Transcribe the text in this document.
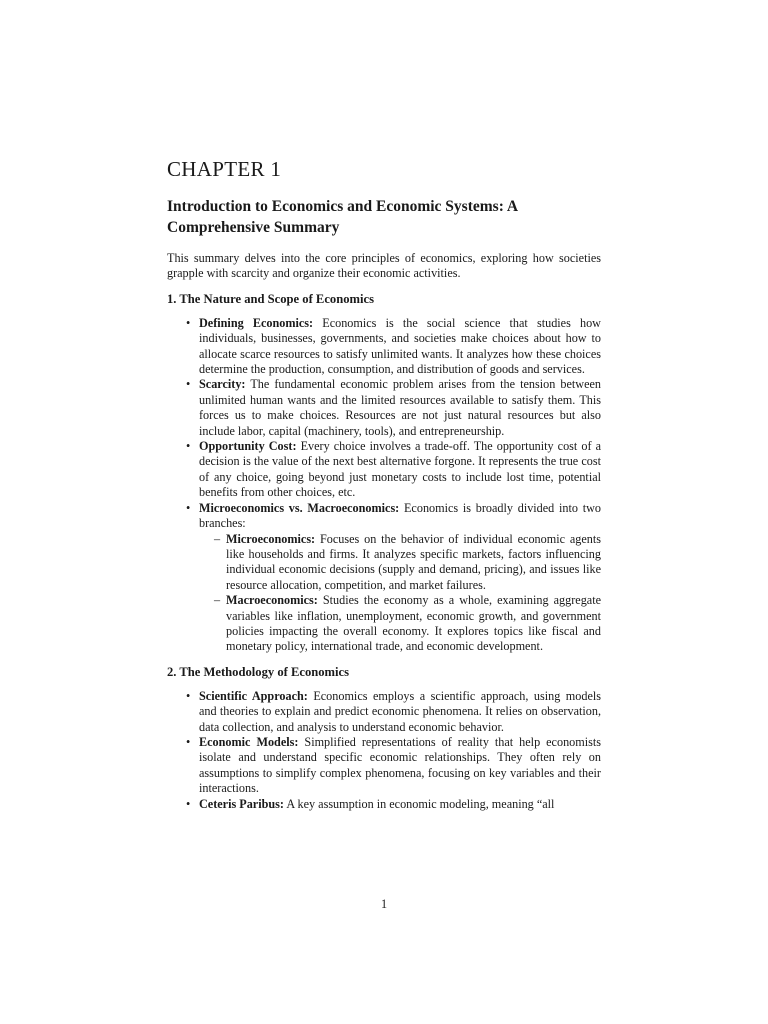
CHAPTER 1
Introduction to Economics and Economic Systems: A Comprehensive Summary

This summary delves into the core principles of economics, exploring how societies grapple with scarcity and organize their economic activities.

1. The Nature and Scope of Economics
• Defining Economics: Economics is the social science that studies how individuals, businesses, governments, and societies make choices about how to allocate scarce resources to satisfy unlimited wants. It analyzes how these choices determine the production, consumption, and distribution of goods and services.
• Scarcity: The fundamental economic problem arises from the tension between unlimited human wants and the limited resources available to satisfy them. This forces us to make choices. Resources are not just natural resources but also include labor, capital (machinery, tools), and entrepreneurship.
• Opportunity Cost: Every choice involves a trade-off. The opportunity cost of a decision is the value of the next best alternative forgone. It represents the true cost of any choice, going beyond just monetary costs to include lost time, potential benefits from other choices, etc.
• Microeconomics vs. Macroeconomics: Economics is broadly divided into two branches:
– Microeconomics: Focuses on the behavior of individual economic agents like households and firms. It analyzes specific markets, factors influencing individual economic decisions (supply and demand, pricing), and issues like resource allocation, competition, and market failures.
– Macroeconomics: Studies the economy as a whole, examining aggregate variables like inflation, unemployment, economic growth, and government policies impacting the overall economy. It explores topics like fiscal and monetary policy, international trade, and economic development.
2. The Methodology of Economics
• Scientific Approach: Economics employs a scientific approach, using models and theories to explain and predict economic phenomena. It relies on observation, data collection, and analysis to understand economic behavior.
• Economic Models: Simplified representations of reality that help economists isolate and understand specific economic relationships. They often rely on assumptions to simplify complex phenomena, focusing on key variables and their interactions.
• Ceteris Paribus: A key assumption in economic modeling, meaning “all
1
